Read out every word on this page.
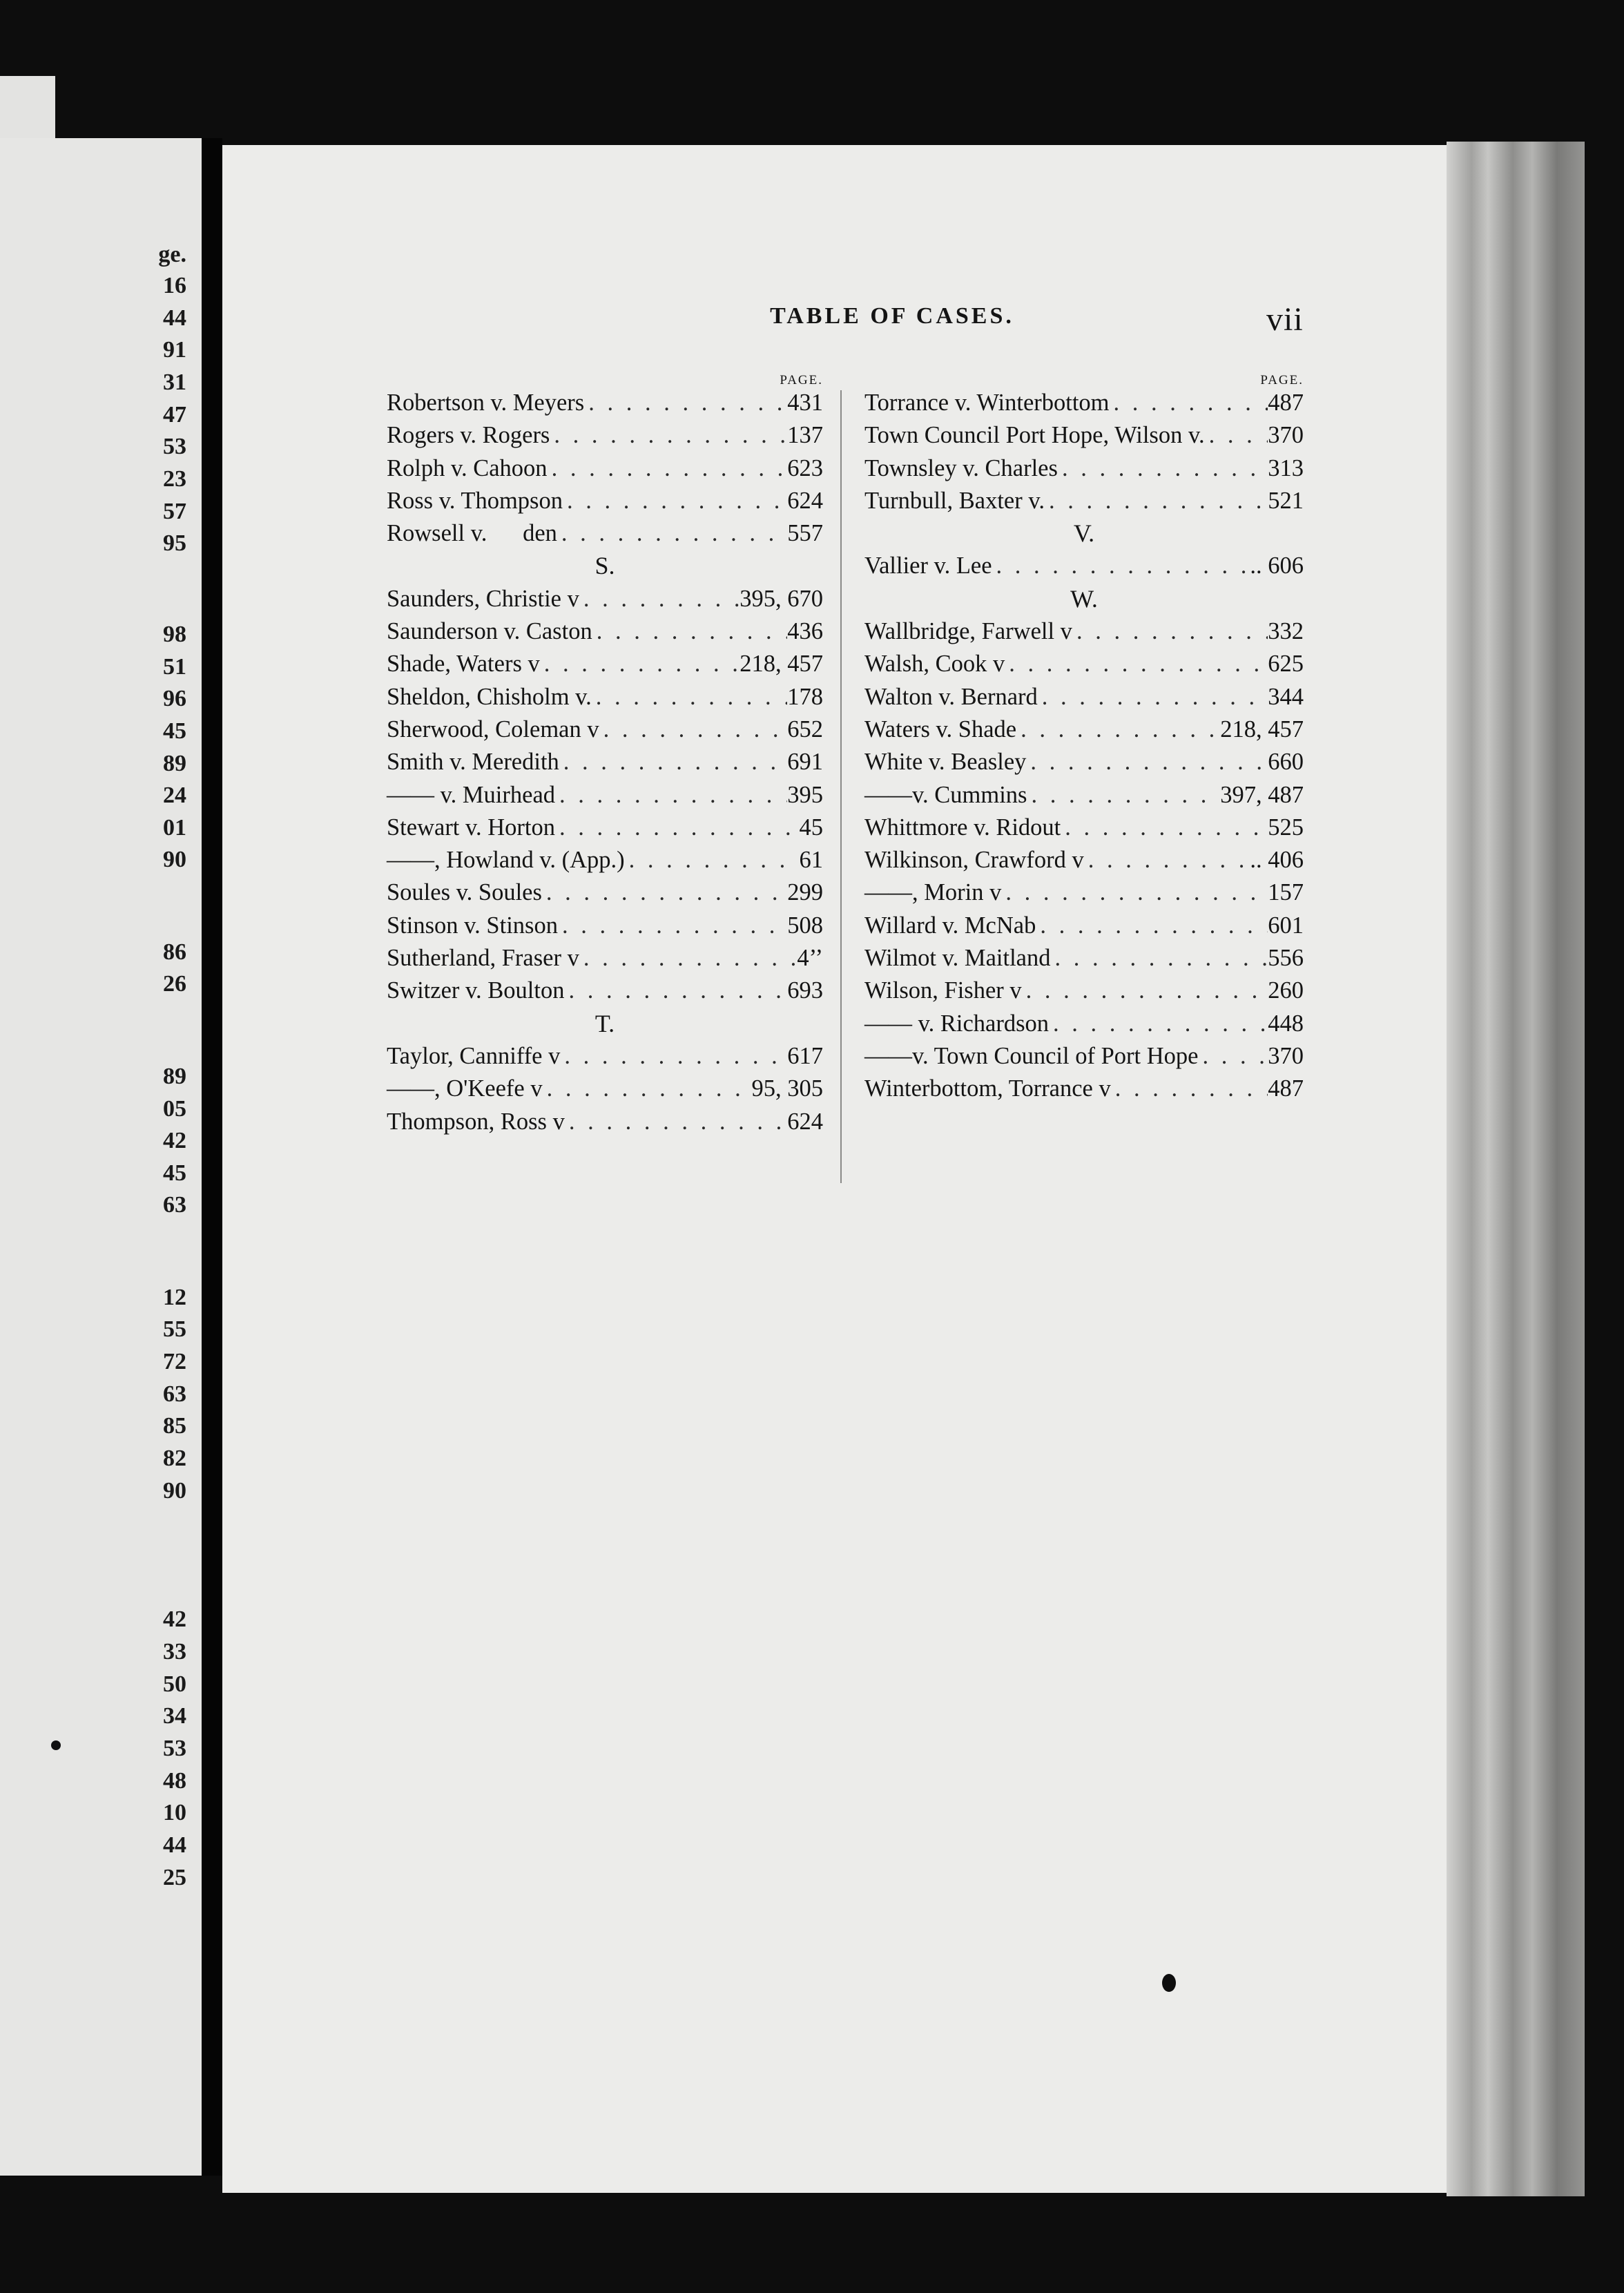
ge.
16
44
91
31
47
53
23
57
95
98
51
96
45
89
24
01
90
86
26
89
05
42
45
63
12
55
72
63
85
82
90
42
33
50
34
53
48
10
44
25
TABLE OF CASES.	vii
PAGE.
Robertson v. Meyers . . .	431
Rogers v. Rogers . . .	137
Rolph v. Cahoon . . .	623
Ross v. Thompson . . .	624
Rowsell v.    den . . .	557
S.
Saunders, Christie v . . .	395, 670
Saunderson v. Caston . . .	436
Shade, Waters v . . .	218, 457
Sheldon, Chisholm v. . . .	178
Sherwood, Coleman v . . .	652
Smith v. Meredith . . .	691
—— v. Muirhead . . .	395
Stewart v. Horton . . .	45
——, Howland v. (App.) . . .	61
Soules v. Soules . . .	299
Stinson v. Stinson . . .	508
Sutherland, Fraser v . . .	4’’
Switzer v. Boulton . . .	693
T.
Taylor, Canniffe v . . .	617
——, O'Keefe v . . .	95, 305
Thompson, Ross v . . .	624
PAGE.
Torrance v. Winterbottom . . .	487
Town Council Port Hope, Wilson v. . . .	370
Townsley v. Charles . . .	313
Turnbull, Baxter v. . . .	521
V.
Vallier v. Lee . . .	.. 606
W.
Wallbridge, Farwell v . . .	332
Walsh, Cook v . . .	625
Walton v. Bernard . . .	344
Waters v. Shade . . .	218, 457
White v. Beasley . . .	660
——v. Cummins . . .	397, 487
Whittmore v. Ridout . . .	525
Wilkinson, Crawford v . . .	.. 406
——, Morin v . . .	157
Willard v. McNab . . .	601
Wilmot v. Maitland . . .	556
Wilson, Fisher v . . .	260
—— v. Richardson . . .	448
——v. Town Council of Port Hope . . .	370
Winterbottom, Torrance v . . .	487
